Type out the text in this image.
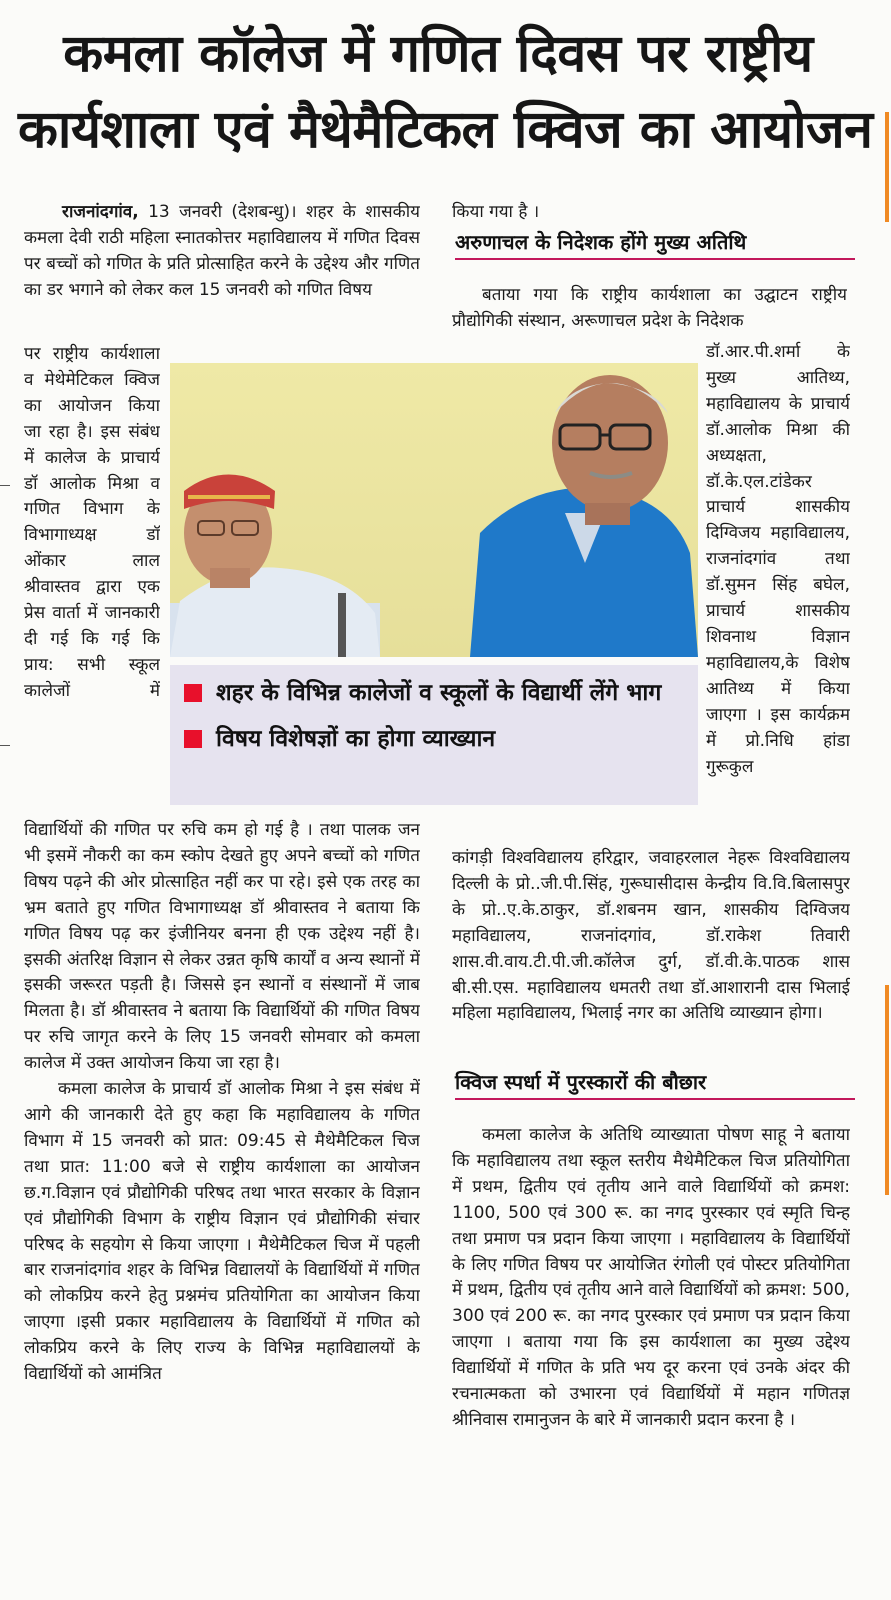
कमला कॉलेज में गणित दिवस पर राष्ट्रीय
कार्यशाला एवं मैथेमैटिकल क्विज का आयोजन
राजनांदगांव, 13 जनवरी (देशबन्धु)। शहर के शासकीय कमला देवी राठी महिला स्नातकोत्तर महाविद्यालय में गणित दिवस पर बच्चों को गणित के प्रति प्रोत्साहित करने के उद्देश्य और गणित का डर भगाने को लेकर कल 15 जनवरी को गणित विषय
पर राष्ट्रीय कार्यशाला व मेथेमेटिकल क्विज का आयोजन किया जा रहा है। इस संबंध में कालेज के प्राचार्य डॉ आलोक मिश्रा व गणित विभाग के विभागाध्यक्ष डॉ ओंकार लाल श्रीवास्तव द्वारा एक प्रेस वार्ता में जानकारी दी गई कि गई कि प्राय: सभी स्कूल कालेजों में

विद्यार्थियों की गणित पर रुचि कम हो गई है । तथा पालक जन भी इसमें नौकरी का कम स्कोप देखते हुए अपने बच्चों को गणित विषय पढ़ने की ओर प्रोत्साहित नहीं कर पा रहे। इसे एक तरह का भ्रम बताते हुए गणित विभागाध्यक्ष डॉ श्रीवास्तव ने बताया कि गणित विषय पढ़ कर इंजीनियर बनना ही एक उद्देश्य नहीं है। इसकी अंतरिक्ष विज्ञान से लेकर उन्नत कृषि कार्यों व अन्य स्थानों में इसकी जरूरत पड़ती है। जिससे इन स्थानों व संस्थानों में जाब मिलता है। डॉ श्रीवास्तव ने बताया कि विद्यार्थियों की गणित विषय पर रुचि जागृत करने के लिए 15 जनवरी सोमवार को कमला कालेज में उक्त आयोजन किया जा रहा है।

कमला कालेज के प्राचार्य डॉ आलोक मिश्रा ने इस संबंध में आगे की जानकारी देते हुए कहा कि महाविद्यालय के गणित विभाग में 15 जनवरी को प्रात: 09:45 से मैथेमैटिकल चिज तथा प्रात: 11:00 बजे से राष्ट्रीय कार्यशाला का आयोजन छ.ग.विज्ञान एवं प्रौद्योगिकी परिषद तथा भारत सरकार के विज्ञान एवं प्रौद्योगिकी विभाग के राष्ट्रीय विज्ञान एवं प्रौद्योगिकी संचार परिषद के सहयोग से किया जाएगा । मैथेमैटिकल चिज में पहली बार राजनांदगांव शहर के विभिन्न विद्यालयों के विद्यार्थियों में गणित को लोकप्रिय करने हेतु प्रश्नमंच प्रतियोगिता का आयोजन किया जाएगा ।इसी प्रकार महाविद्यालय के विद्यार्थियों में गणित को लोकप्रिय करने के लिए राज्य के विभिन्न महाविद्यालयों के विद्यार्थियों को आमंत्रित

शहर के विभिन्न कालेजों व स्कूलों के विद्यार्थी लेंगे भाग
विषय विशेषज्ञों का होगा व्याख्यान
किया गया है ।
अरुणाचल के निदेशक होंगे मुख्य अतिथि
बताया गया कि राष्ट्रीय कार्यशाला का उद्घाटन राष्ट्रीय प्रौद्योगिकी संस्थान, अरूणाचल प्रदेश के निदेशक
डॉ.आर.पी.शर्मा के मुख्य आतिथ्य, महाविद्यालय के प्राचार्य डॉ.आलोक मिश्रा की अध्यक्षता, डॉ.के.एल.टांडेकर प्राचार्य शासकीय दिग्विजय महाविद्यालय, राजनांदगांव तथा डॉ.सुमन सिंह बघेल, प्राचार्य शासकीय शिवनाथ विज्ञान महाविद्यालय,के विशेष आतिथ्य में किया जाएगा । इस कार्यक्रम में प्रो.निधि हांडा गुरूकुल
कांगड़ी विश्वविद्यालय हरिद्वार, जवाहरलाल नेहरू विश्वविद्यालय दिल्ली के प्रो..जी.पी.सिंह, गुरूघासीदास केन्द्रीय वि.वि.बिलासपुर के प्रो..ए.के.ठाकुर, डॉ.शबनम खान, शासकीय दिग्विजय महाविद्यालय, राजनांदगांव, डॉ.राकेश तिवारी शास.वी.वाय.टी.पी.जी.कॉलेज दुर्ग, डॉ.वी.के.पाठक शास बी.सी.एस. महाविद्यालय धमतरी तथा डॉ.आशारानी दास भिलाई महिला महाविद्यालय, भिलाई नगर का अतिथि व्याख्यान होगा।
क्विज स्पर्धा में पुरस्कारों की बौछार
कमला कालेज के अतिथि व्याख्याता पोषण साहू ने बताया कि महाविद्यालय तथा स्कूल स्तरीय मैथेमैटिकल चिज प्रतियोगिता में प्रथम, द्वितीय एवं तृतीय आने वाले विद्यार्थियों को क्रमश: 1100, 500 एवं 300 रू. का नगद पुरस्कार एवं स्मृति चिन्ह तथा प्रमाण पत्र प्रदान किया जाएगा । महाविद्यालय के विद्यार्थियों के लिए गणित विषय पर आयोजित रंगोली एवं पोस्टर प्रतियोगिता में प्रथम, द्वितीय एवं तृतीय आने वाले विद्यार्थियों को क्रमश: 500, 300 एवं 200 रू. का नगद पुरस्कार एवं प्रमाण पत्र प्रदान किया जाएगा । बताया गया कि इस कार्यशाला का मुख्य उद्देश्य विद्यार्थियों में गणित के प्रति भय दूर करना एवं उनके अंदर की रचनात्मकता को उभारना एवं विद्यार्थियों में महान गणितज्ञ श्रीनिवास रामानुजन के बारे में जानकारी प्रदान करना है ।
